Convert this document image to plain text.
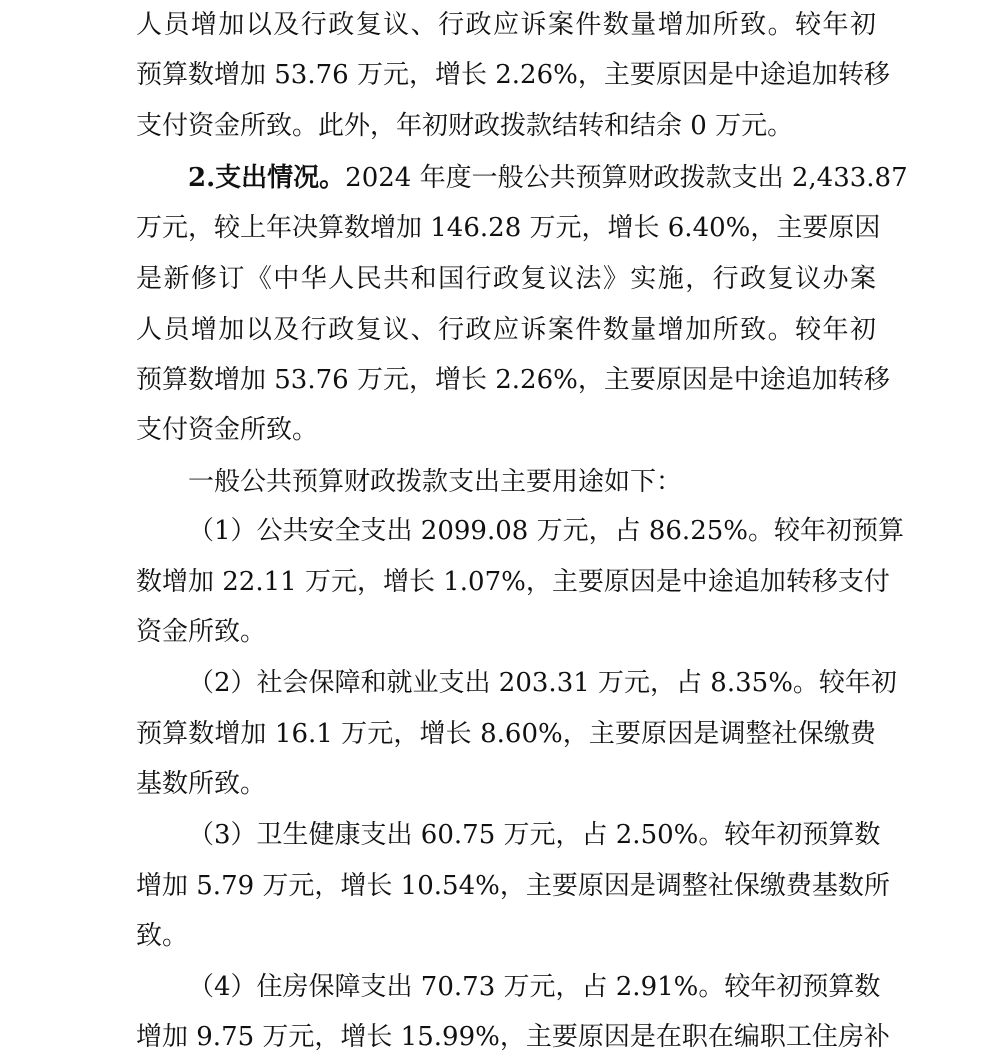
人员增加以及行政复议、行政应诉案件数量增加所致。较年初
预算数增加 53.76 万元，增长 2.26%，主要原因是中途追加转移
支付资金所致。此外，年初财政拨款结转和结余 0 万元。
2.支出情况。2024 年度一般公共预算财政拨款支出 2,433.87
万元，较上年决算数增加 146.28 万元，增长 6.40%，主要原因
是新修订《中华人民共和国行政复议法》实施，行政复议办案
人员增加以及行政复议、行政应诉案件数量增加所致。较年初
预算数增加 53.76 万元，增长 2.26%，主要原因是中途追加转移
支付资金所致。
一般公共预算财政拨款支出主要用途如下：
（1）公共安全支出 2099.08 万元，占 86.25%。较年初预算
数增加 22.11 万元，增长 1.07%，主要原因是中途追加转移支付
资金所致。
（2）社会保障和就业支出 203.31 万元，占 8.35%。较年初
预算数增加 16.1 万元，增长 8.60%，主要原因是调整社保缴费
基数所致。
（3）卫生健康支出 60.75 万元，占 2.50%。较年初预算数
增加 5.79 万元，增长 10.54%，主要原因是调整社保缴费基数所
致。
（4）住房保障支出 70.73 万元，占 2.91%。较年初预算数
增加 9.75 万元，增长 15.99%，主要原因是在职在编职工住房补
